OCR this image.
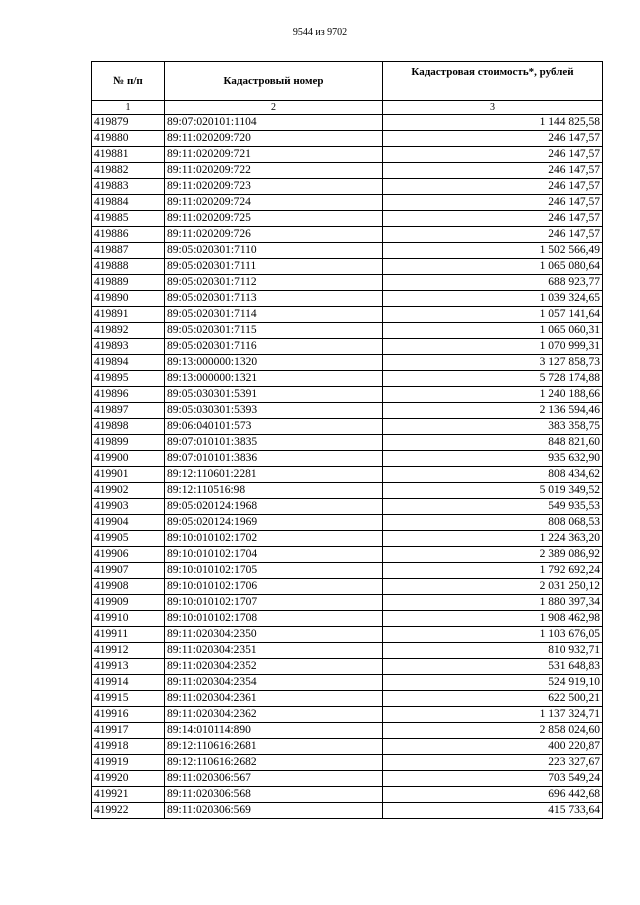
9544 из 9702
№ п/п	Кадастровый номер	Кадастровая стоимость*, рублей
1	2	3
419879	89:07:020101:1104	1 144 825,58
419880	89:11:020209:720	246 147,57
419881	89:11:020209:721	246 147,57
419882	89:11:020209:722	246 147,57
419883	89:11:020209:723	246 147,57
419884	89:11:020209:724	246 147,57
419885	89:11:020209:725	246 147,57
419886	89:11:020209:726	246 147,57
419887	89:05:020301:7110	1 502 566,49
419888	89:05:020301:7111	1 065 080,64
419889	89:05:020301:7112	688 923,77
419890	89:05:020301:7113	1 039 324,65
419891	89:05:020301:7114	1 057 141,64
419892	89:05:020301:7115	1 065 060,31
419893	89:05:020301:7116	1 070 999,31
419894	89:13:000000:1320	3 127 858,73
419895	89:13:000000:1321	5 728 174,88
419896	89:05:030301:5391	1 240 188,66
419897	89:05:030301:5393	2 136 594,46
419898	89:06:040101:573	383 358,75
419899	89:07:010101:3835	848 821,60
419900	89:07:010101:3836	935 632,90
419901	89:12:110601:2281	808 434,62
419902	89:12:110516:98	5 019 349,52
419903	89:05:020124:1968	549 935,53
419904	89:05:020124:1969	808 068,53
419905	89:10:010102:1702	1 224 363,20
419906	89:10:010102:1704	2 389 086,92
419907	89:10:010102:1705	1 792 692,24
419908	89:10:010102:1706	2 031 250,12
419909	89:10:010102:1707	1 880 397,34
419910	89:10:010102:1708	1 908 462,98
419911	89:11:020304:2350	1 103 676,05
419912	89:11:020304:2351	810 932,71
419913	89:11:020304:2352	531 648,83
419914	89:11:020304:2354	524 919,10
419915	89:11:020304:2361	622 500,21
419916	89:11:020304:2362	1 137 324,71
419917	89:14:010114:890	2 858 024,60
419918	89:12:110616:2681	400 220,87
419919	89:12:110616:2682	223 327,67
419920	89:11:020306:567	703 549,24
419921	89:11:020306:568	696 442,68
419922	89:11:020306:569	415 733,64
